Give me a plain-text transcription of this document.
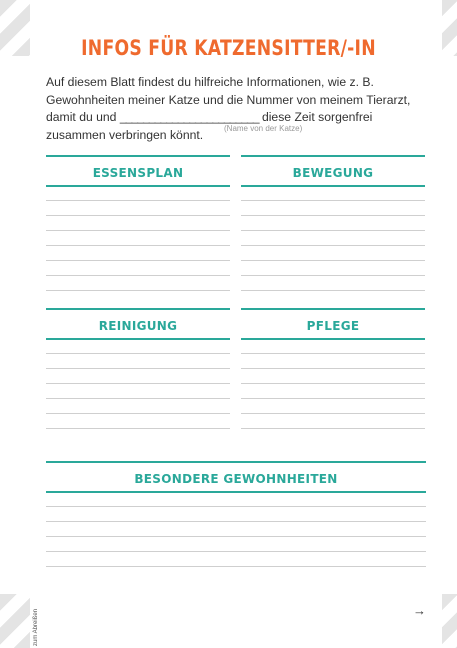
INFOS FÜR KATZENSITTER/-IN
Auf diesem Blatt findest du hilfreiche Informationen, wie z. B.
Gewohnheiten meiner Katze und die Nummer von meinem Tierarzt,
damit du und ________________________ diese Zeit sorgenfrei
zusammen verbringen könnt.	(Name von der Katze)
ESSENSPLAN	BEWEGUNG
REINIGUNG	PFLEGE
BESONDERE GEWOHNHEITEN
zum Abreißen	→
